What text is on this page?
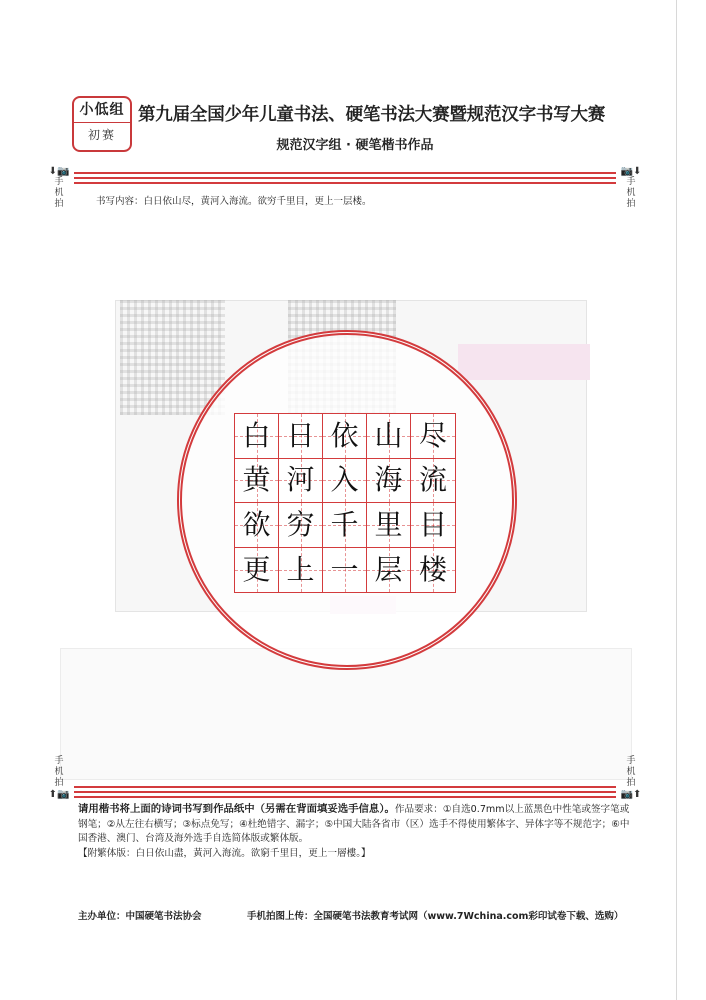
小低组
初赛
第九届全国少年儿童书法、硬笔书法大赛暨规范汉字书写大赛
规范汉字组 · 硬笔楷书作品
⬇📷
手机拍
📷⬇
手机拍
手机拍
⬆📷
手机拍
📷⬆
书写内容：白日依山尽，黄河入海流。欲穷千里目，更上一层楼。
白 日 依 山 尽
黄 河 入 海 流
欲 穷 千 里 目
更 上 一 层 楼
请用楷书将上面的诗词书写到作品纸中（另需在背面填妥选手信息）。作品要求：①自选0.7mm以上蓝黑色中性笔或签字笔或钢笔；②从左往右横写；③标点免写；④杜绝错字、漏字；⑤中国大陆各省市（区）选手不得使用繁体字、异体字等不规范字；⑥中国香港、澳门、台湾及海外选手自选简体版或繁体版。
【附繁体版：白日依山盡，黃河入海流。欲窮千里目，更上一層樓。】
主办单位：中国硬笔书法协会	手机拍图上传：全国硬笔书法教育考试网（www.7Wchina.com彩印试卷下载、选购）
